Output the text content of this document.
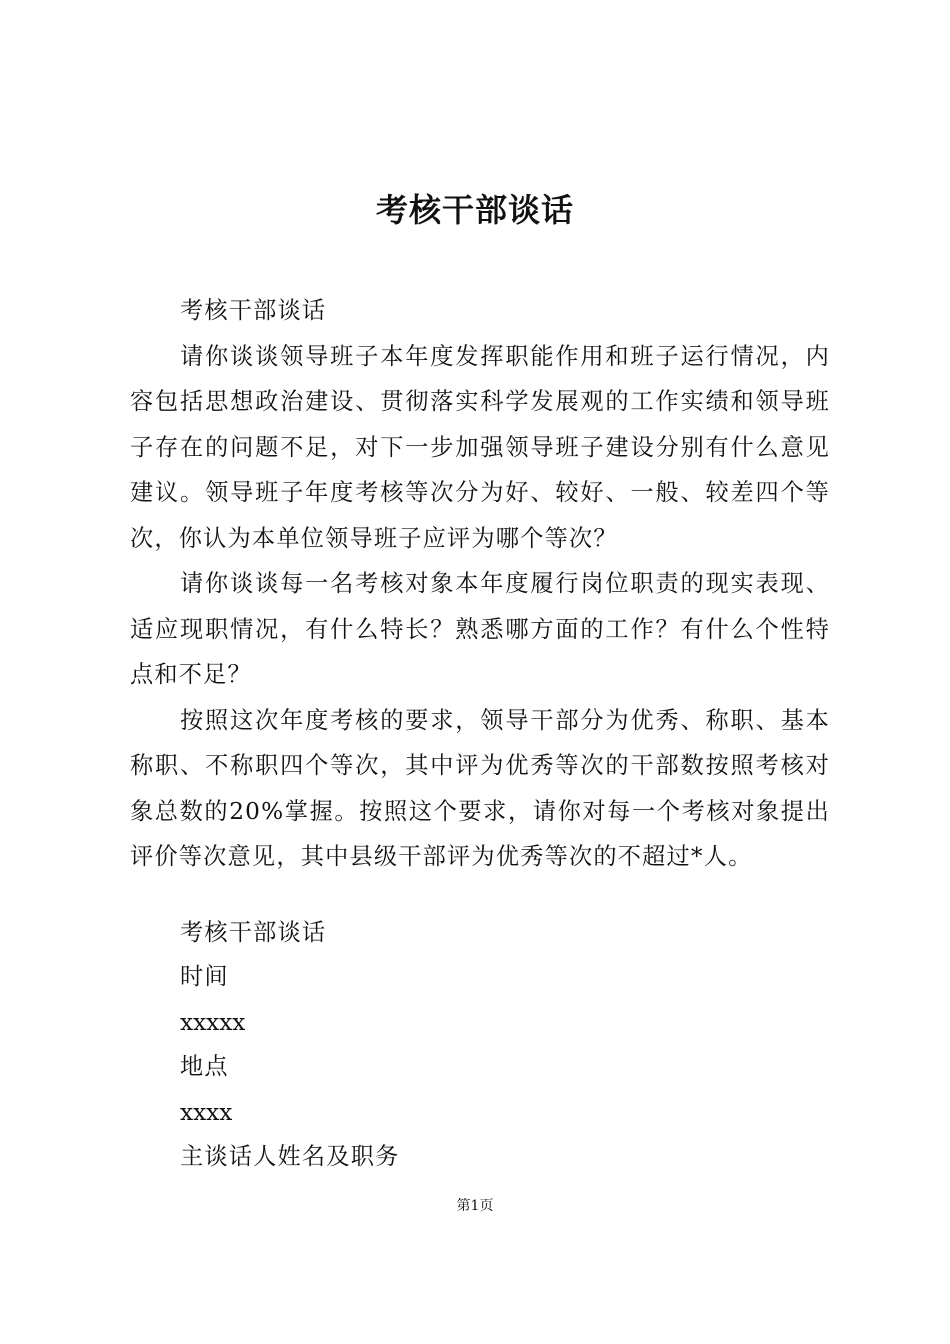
考核干部谈话

考核干部谈话

请你谈谈领导班子本年度发挥职能作用和班子运行情况，内容包括思想政治建设、贯彻落实科学发展观的工作实绩和领导班子存在的问题不足，对下一步加强领导班子建设分别有什么意见建议。领导班子年度考核等次分为好、较好、一般、较差四个等次，你认为本单位领导班子应评为哪个等次？

请你谈谈每一名考核对象本年度履行岗位职责的现实表现、适应现职情况，有什么特长？熟悉哪方面的工作？有什么个性特点和不足？

按照这次年度考核的要求，领导干部分为优秀、称职、基本称职、不称职四个等次，其中评为优秀等次的干部数按照考核对象总数的20%掌握。按照这个要求，请你对每一个考核对象提出评价等次意见，其中县级干部评为优秀等次的不超过*人。

考核干部谈话
时间
xxxxx
地点
xxxx
主谈话人姓名及职务
第1页
